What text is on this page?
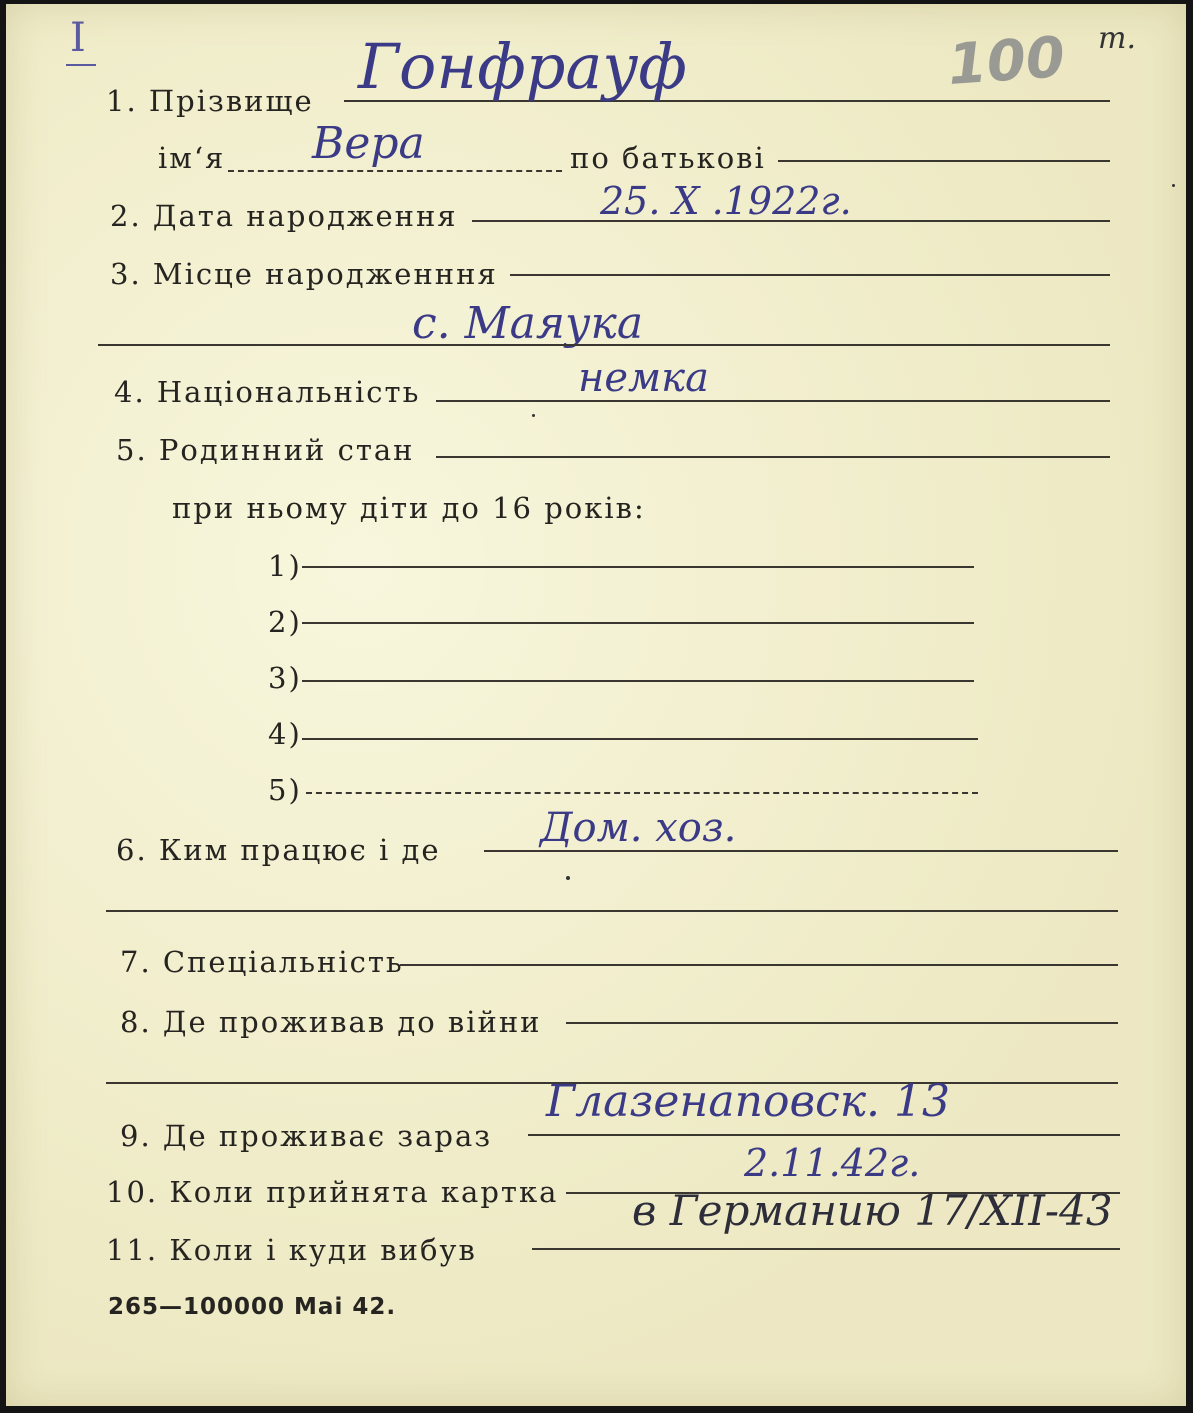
I	100 m.
1. Прізвище Гонфрауф
ім‘я Вера	по батькові
2. Дата народження	25. X .1922г.
3. Місце народженння
с. Маяука
4. Національність	немка
5. Родинний стан
при ньому діти до 16 років:
1)
2)
3)
4)
5)
6. Ким працює і де Дом. хоз.
7. Спеціальність
8. Де проживав до війни
9. Де проживає зараз
Глазенаповск. 13
10. Коли прийнята картка
2.11.42г.
11. Коли і куди вибув
в Германию 17/XII-43
265—100000 Mai 42.
